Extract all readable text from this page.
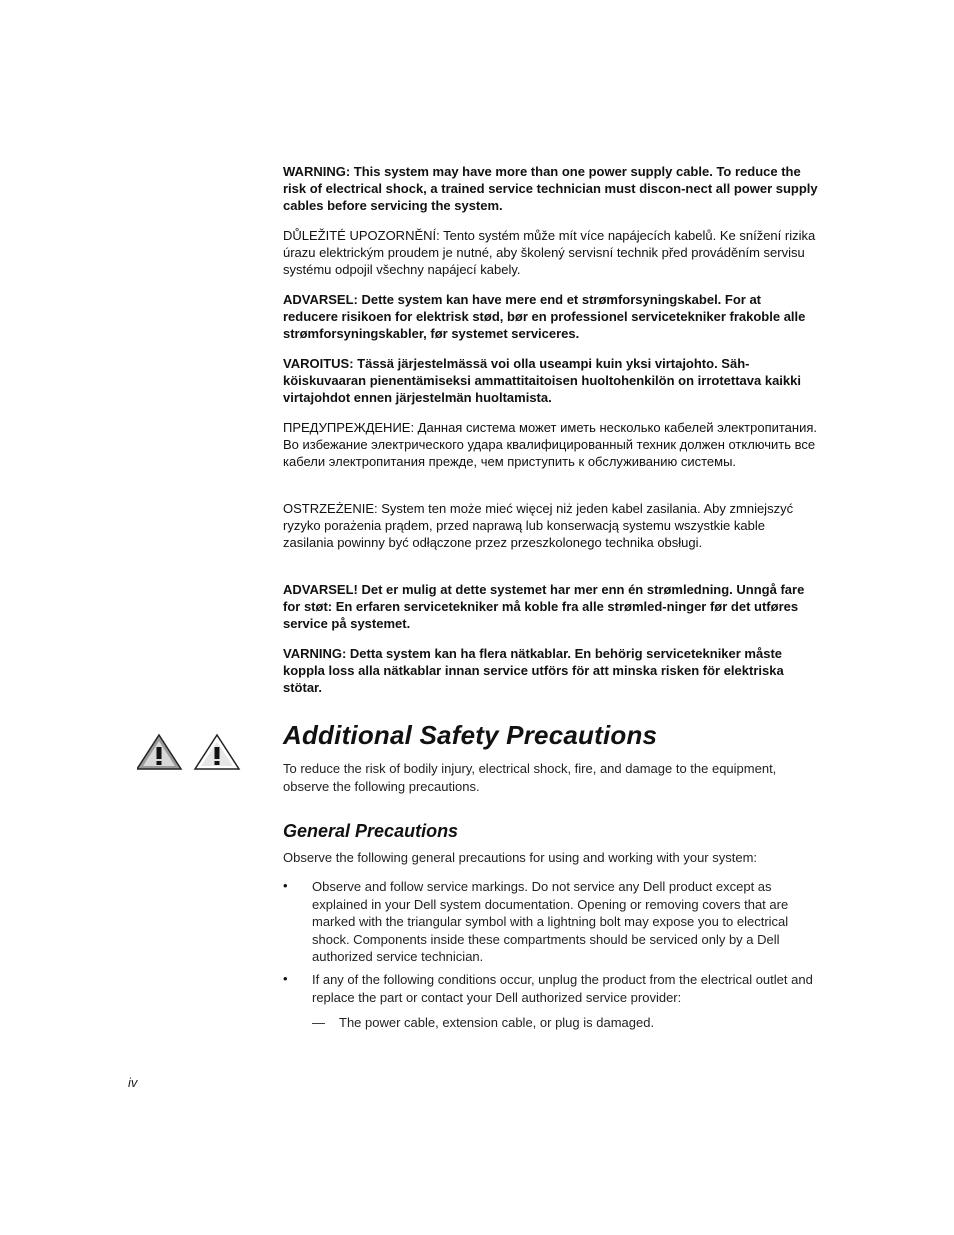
WARNING: This system may have more than one power supply cable. To reduce the risk of electrical shock, a trained service technician must discon-nect all power supply cables before servicing the system.
DŮLEŽITÉ UPOZORNĚNÍ: Tento systém může mít více napájecích kabelů. Ke snížení rizika úrazu elektrickým proudem je nutné, aby školený servisní technik před prováděním servisu systému odpojil všechny napájecí kabely.
ADVARSEL: Dette system kan have mere end et strømforsyningskabel. For at reducere risikoen for elektrisk stød, bør en professionel servicetekniker frakoble alle strømforsyningskabler, før systemet serviceres.
VAROITUS: Tässä järjestelmässä voi olla useampi kuin yksi virtajohto. Säh-köiskuvaaran pienentämiseksi ammattitaitoisen huoltohenkilön on irrotettava kaikki virtajohdot ennen järjestelmän huoltamista.
ПРЕДУПРЕЖДЕНИЕ: Данная система может иметь несколько кабелей электропитания. Во избежание электрического удара квалифицированный техник должен отключить все кабели электропитания прежде, чем приступить к обслуживанию системы.
OSTRZEŻENIE: System ten może mieć więcej niż jeden kabel zasilania. Aby zmniejszyć ryzyko porażenia prądem, przed naprawą lub konserwacją systemu wszystkie kable zasilania powinny być odłączone przez przeszkolonego technika obsługi.
ADVARSEL! Det er mulig at dette systemet har mer enn én strømledning. Unngå fare for støt: En erfaren servicetekniker må koble fra alle strømled-ninger før det utføres service på systemet.
VARNING: Detta system kan ha flera nätkablar. En behörig servicetekniker måste koppla loss alla nätkablar innan service utförs för att minska risken för elektriska stötar.
Additional Safety Precautions
To reduce the risk of bodily injury, electrical shock, fire, and damage to the equipment, observe the following precautions.
General Precautions
Observe the following general precautions for using and working with your system:
• Observe and follow service markings. Do not service any Dell product except as explained in your Dell system documentation. Opening or removing covers that are marked with the triangular symbol with a lightning bolt may expose you to electrical shock. Components inside these compartments should be serviced only by a Dell authorized service technician.
• If any of the following conditions occur, unplug the product from the electrical outlet and replace the part or contact your Dell authorized service provider:
— The power cable, extension cable, or plug is damaged.
iv
